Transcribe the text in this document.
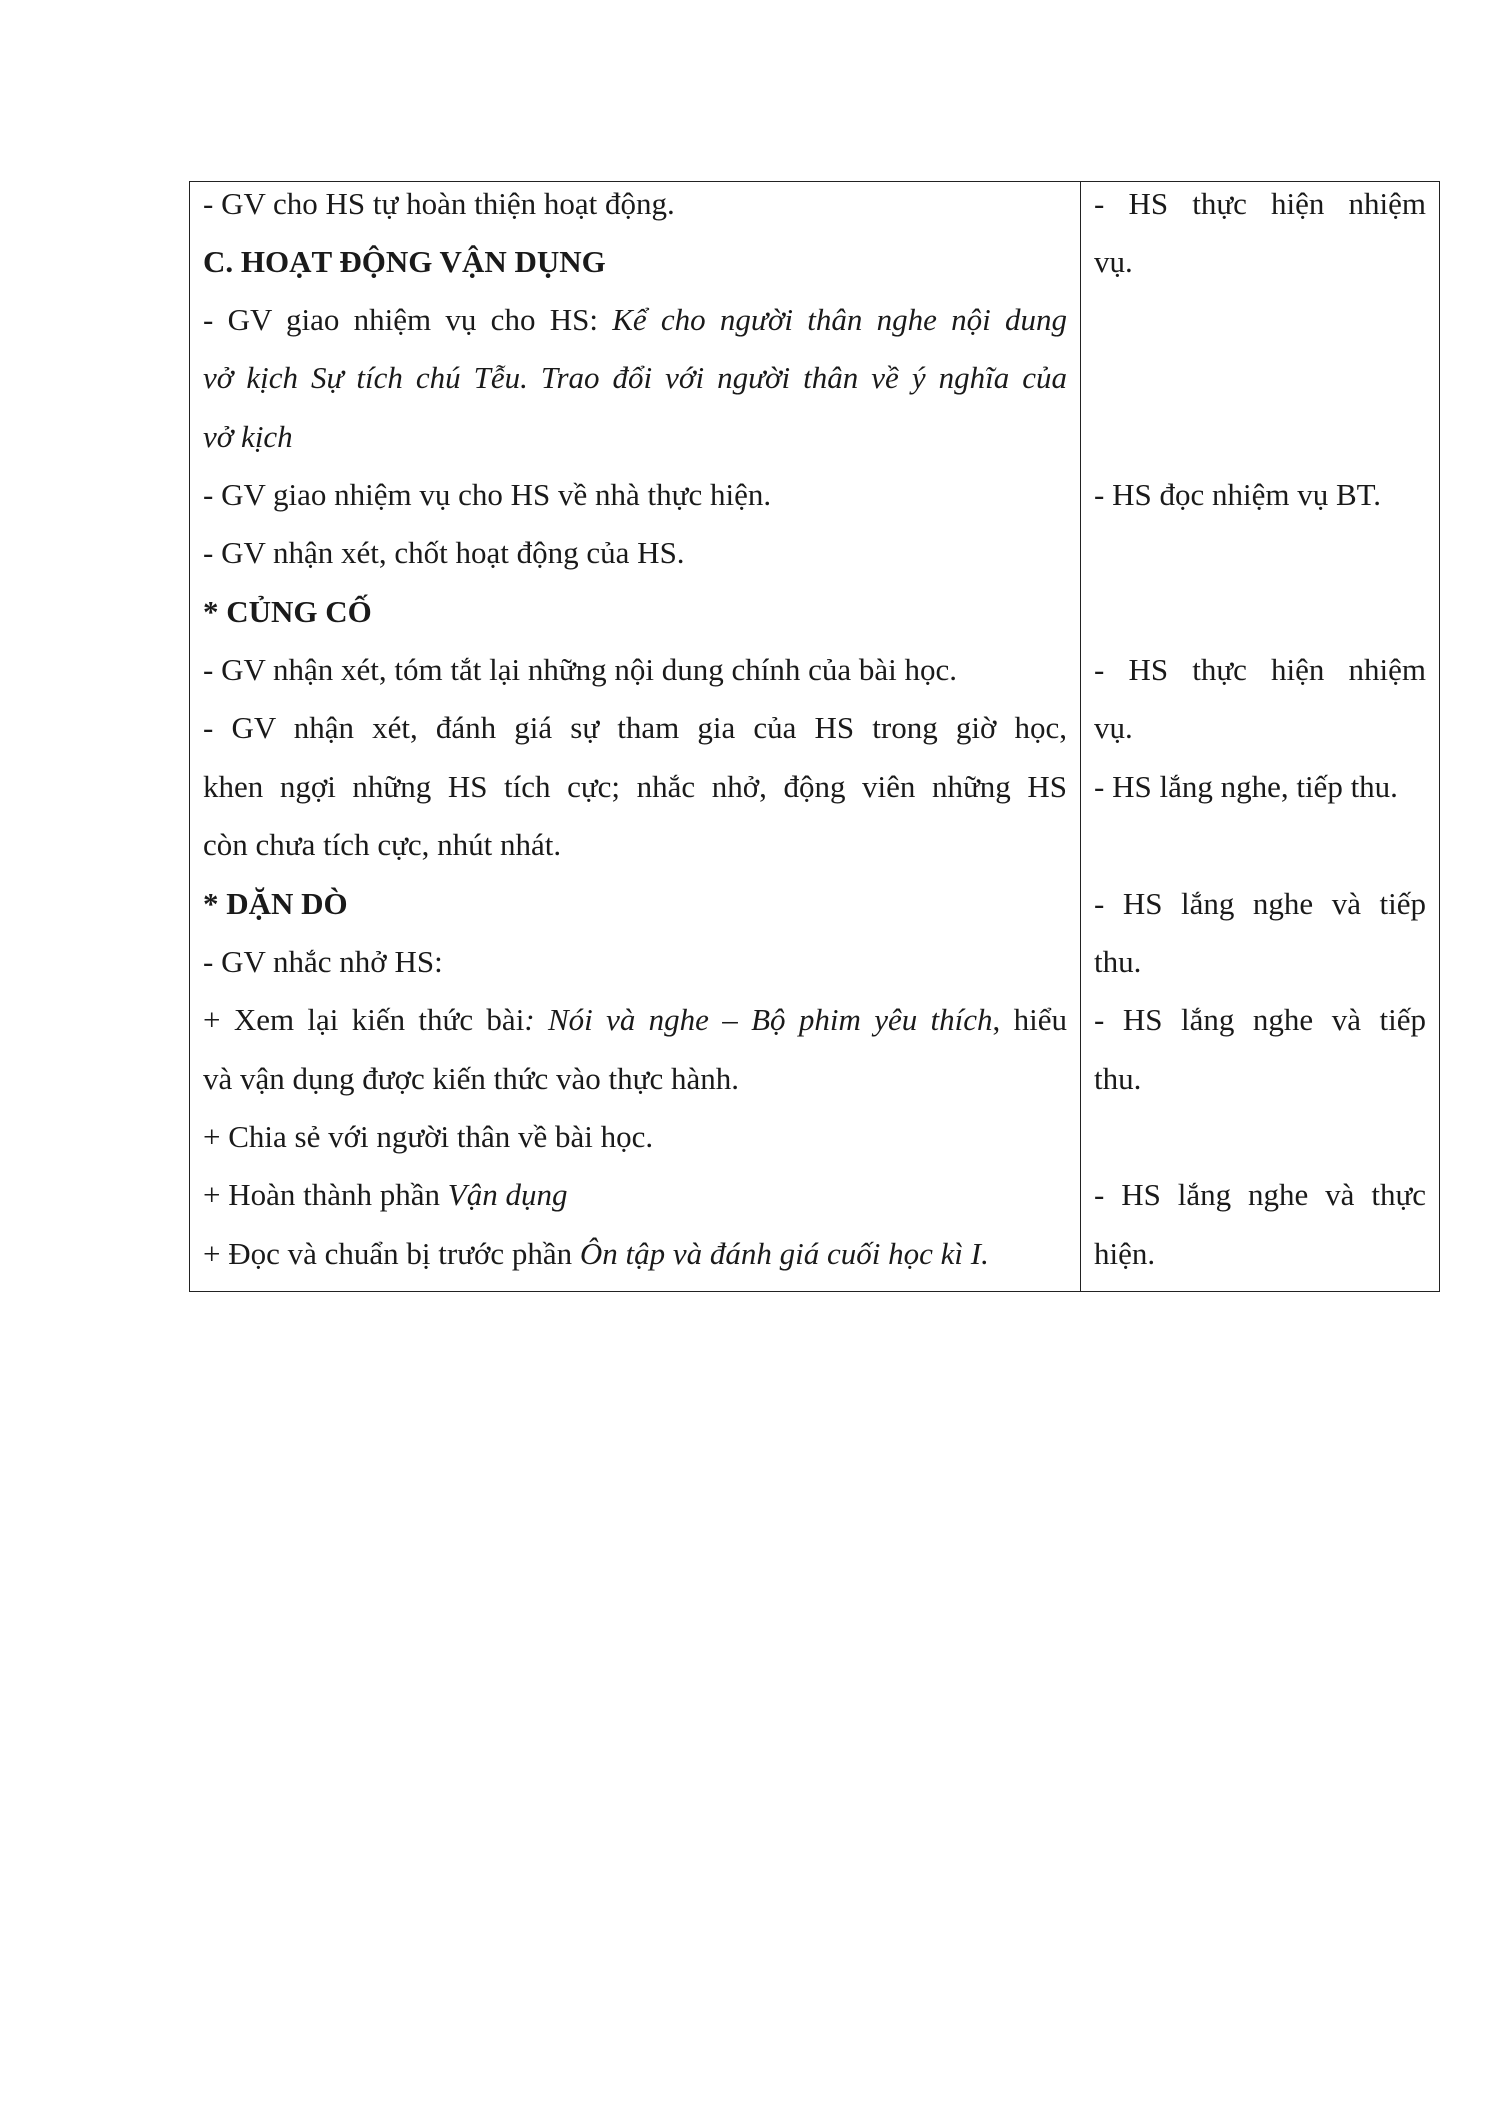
- GV cho HS tự hoàn thiện hoạt động.
C. HOẠT ĐỘNG VẬN DỤNG
- GV giao nhiệm vụ cho HS: Kể cho người thân nghe nội dung
vở kịch Sự tích chú Tễu. Trao đổi với người thân về ý nghĩa của
vở kịch
- GV giao nhiệm vụ cho HS về nhà thực hiện.
- GV nhận xét, chốt hoạt động của HS.
* CỦNG CỐ
- GV nhận xét, tóm tắt lại những nội dung chính của bài học.
- GV nhận xét, đánh giá sự tham gia của HS trong giờ học,
khen ngợi những HS tích cực; nhắc nhở, động viên những HS
còn chưa tích cực, nhút nhát.
* DẶN DÒ
- GV nhắc nhở HS:
+ Xem lại kiến thức bài: Nói và nghe – Bộ phim yêu thích, hiểu
và vận dụng được kiến thức vào thực hành.
+ Chia sẻ với người thân về bài học.
+ Hoàn thành phần Vận dụng
+ Đọc và chuẩn bị trước phần Ôn tập và đánh giá cuối học kì I.
- HS thực hiện nhiệm
vụ.
- HS đọc nhiệm vụ BT.
- HS thực hiện nhiệm
vụ.
- HS lắng nghe, tiếp thu.
- HS lắng nghe và tiếp
thu.
- HS lắng nghe và tiếp
thu.
- HS lắng nghe và thực
hiện.
